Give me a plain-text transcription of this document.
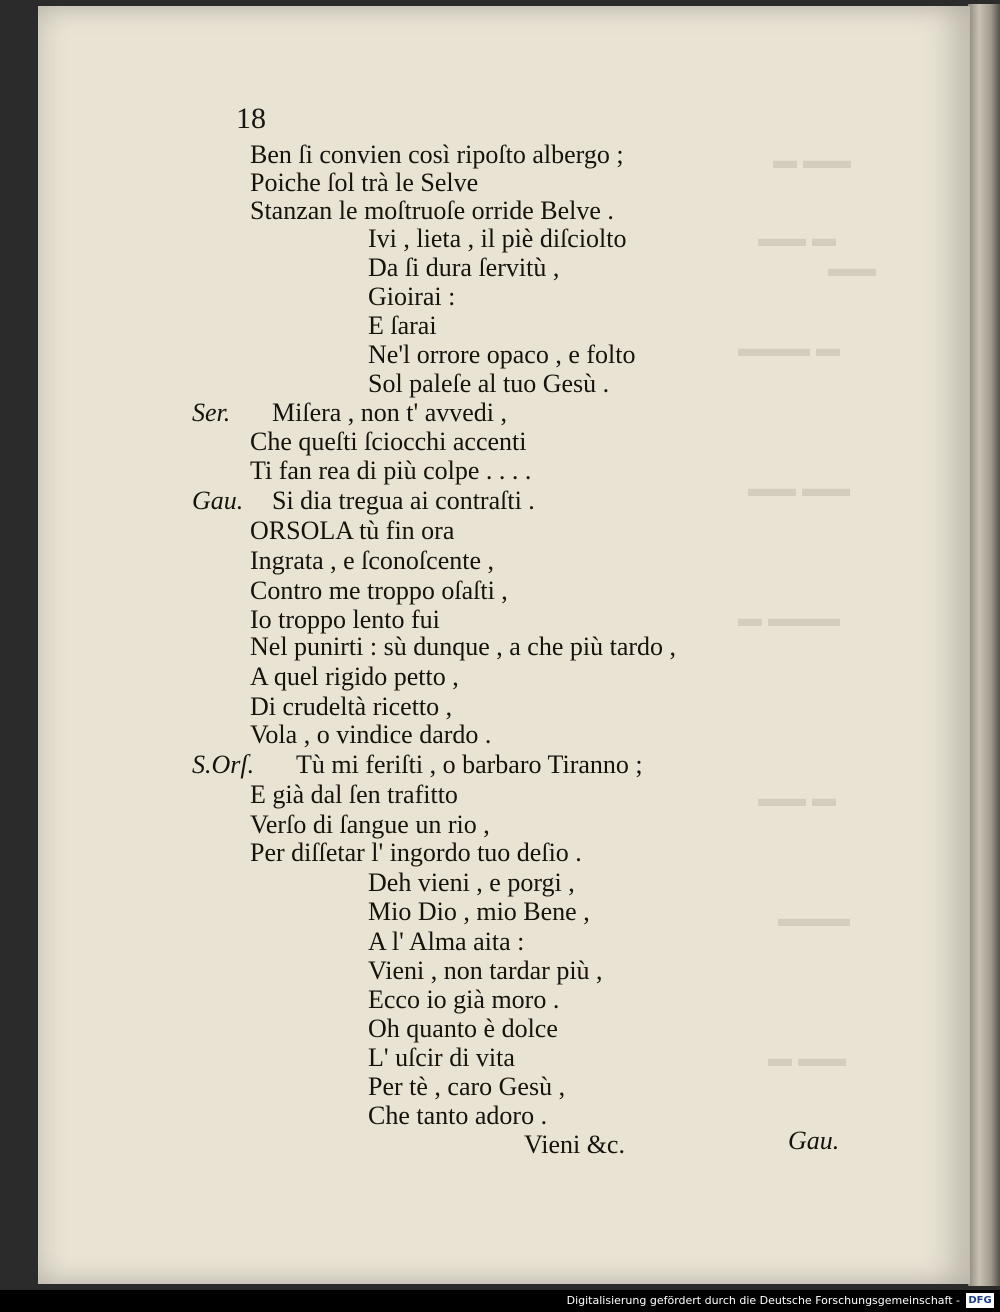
▬ ▬▬
▬▬ ▬
▬▬
▬▬▬ ▬
▬▬ ▬▬
▬ ▬▬▬
▬▬ ▬
▬▬▬
▬ ▬▬
18
Ben ſi convien così ripoſto albergo ;
Poiche ſol trà le Selve
Stanzan le moſtruoſe orride Belve .
Ivi , lieta , il piè diſciolto
Da ſi dura ſervitù ,
Gioirai :
E ſarai
Ne'l orrore opaco , e folto
Sol paleſe al tuo Gesù .
Ser. Miſera , non t' avvedi ,
Che queſti ſciocchi accenti
Ti fan rea di più colpe . . . .
Gau. Si dia tregua ai contraſti .
ORSOLA tù fin ora
Ingrata , e ſconoſcente ,
Contro me troppo oſaſti ,
Io troppo lento fui
Nel punirti : sù dunque , a che più tardo ,
A quel rigido petto ,
Di crudeltà ricetto ,
Vola , o vindice dardo .
S.Orſ. Tù mi feriſti , o barbaro Tiranno ;
E già dal ſen trafitto
Verſo di ſangue un rio ,
Per diſſetar l' ingordo tuo deſio .
Deh vieni , e porgi ,
Mio Dio , mio Bene ,
A l' Alma aita :
Vieni , non tardar più ,
Ecco io già moro .
Oh quanto è dolce
L' uſcir di vita
Per tè , caro Gesù ,
Che tanto adoro .
Vieni &c.	Gau.
Digitalisierung gefördert durch die Deutsche Forschungsgemeinschaft - DFG
